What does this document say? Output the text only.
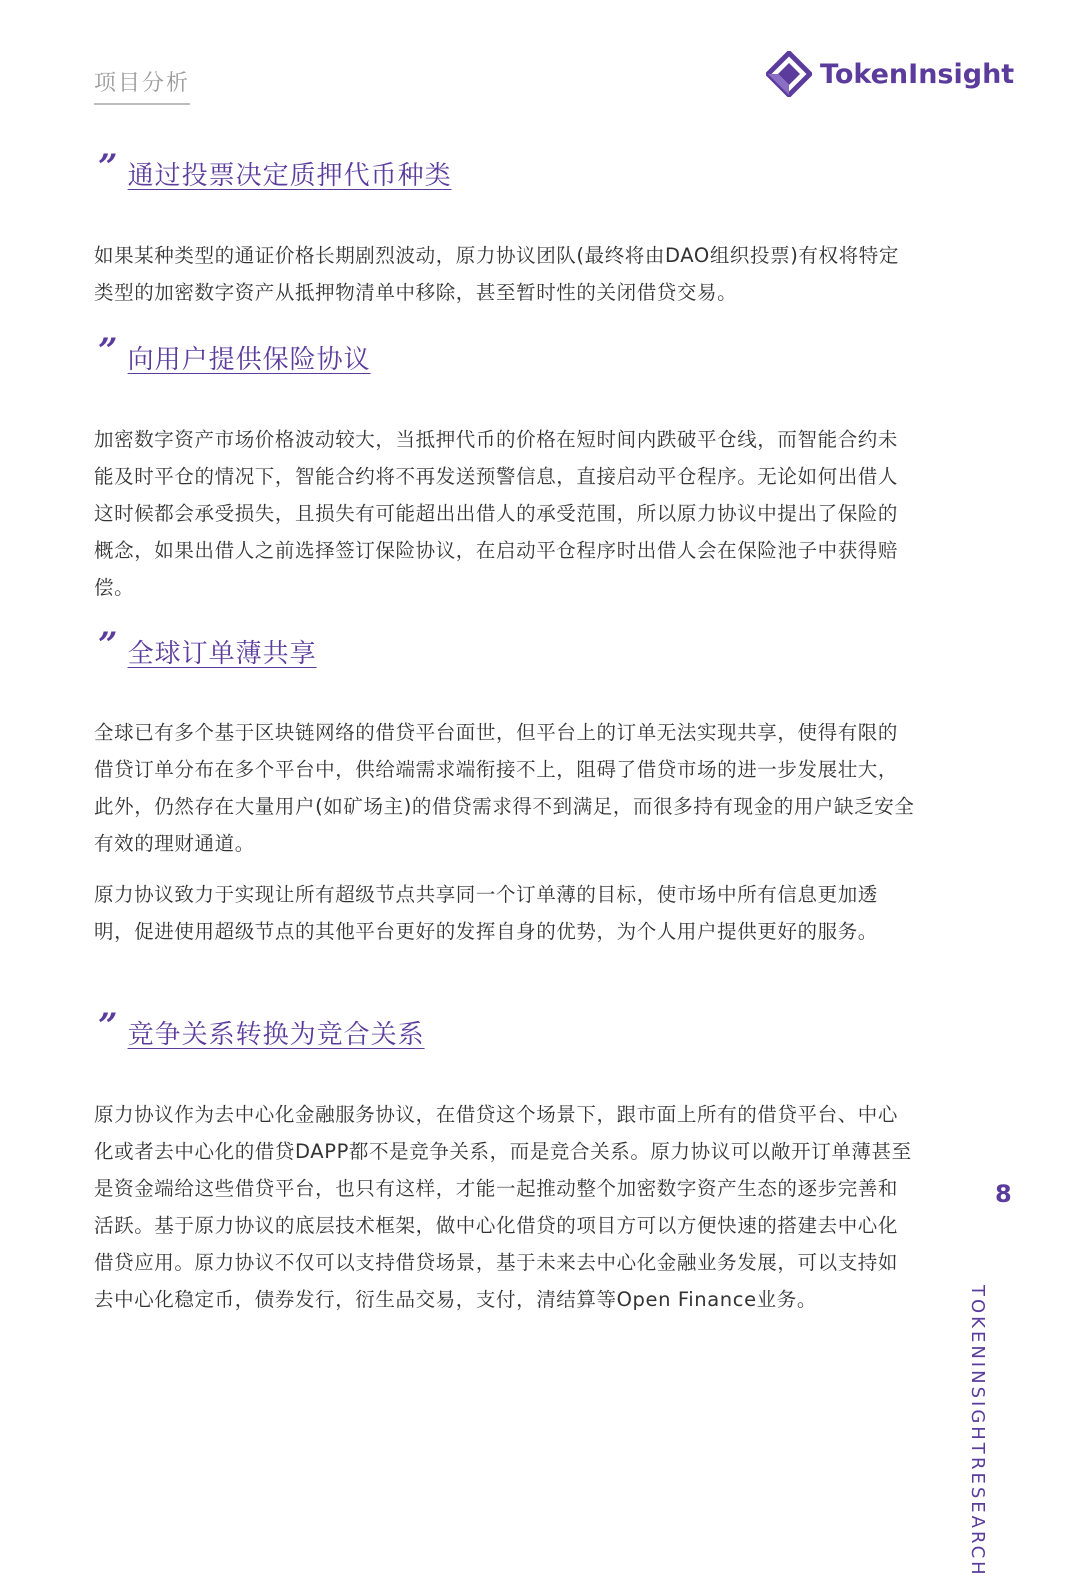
项目分析	TokenInsight
” 通过投票决定质押代币种类

如果某种类型的通证价格长期剧烈波动，原力协议团队(最终将由DAO组织投票)有权将特定类型的加密数字资产从抵押物清单中移除，甚至暂时性的关闭借贷交易。

” 向用户提供保险协议

加密数字资产市场价格波动较大，当抵押代币的价格在短时间内跌破平仓线，而智能合约未能及时平仓的情况下，智能合约将不再发送预警信息，直接启动平仓程序。无论如何出借人这时候都会承受损失，且损失有可能超出出借人的承受范围，所以原力协议中提出了保险的概念，如果出借人之前选择签订保险协议，在启动平仓程序时出借人会在保险池子中获得赔偿。

” 全球订单薄共享

全球已有多个基于区块链网络的借贷平台面世，但平台上的订单无法实现共享，使得有限的借贷订单分布在多个平台中，供给端需求端衔接不上，阻碍了借贷市场的进一步发展壮大，此外，仍然存在大量用户(如矿场主)的借贷需求得不到满足，而很多持有现金的用户缺乏安全有效的理财通道。

原力协议致力于实现让所有超级节点共享同一个订单薄的目标，使市场中所有信息更加透明，促进使用超级节点的其他平台更好的发挥自身的优势，为个人用户提供更好的服务。

” 竞争关系转换为竞合关系

原力协议作为去中心化金融服务协议，在借贷这个场景下，跟市面上所有的借贷平台、中心化或者去中心化的借贷DAPP都不是竞争关系，而是竞合关系。原力协议可以敞开订单薄甚至是资金端给这些借贷平台，也只有这样，才能一起推动整个加密数字资产生态的逐步完善和活跃。基于原力协议的底层技术框架，做中心化借贷的项目方可以方便快速的搭建去中心化借贷应用。原力协议不仅可以支持借贷场景，基于未来去中心化金融业务发展，可以支持如去中心化稳定币，债券发行，衍生品交易，支付，清结算等Open Finance业务。

8
TOKENINSIGHT
RESEARCH
